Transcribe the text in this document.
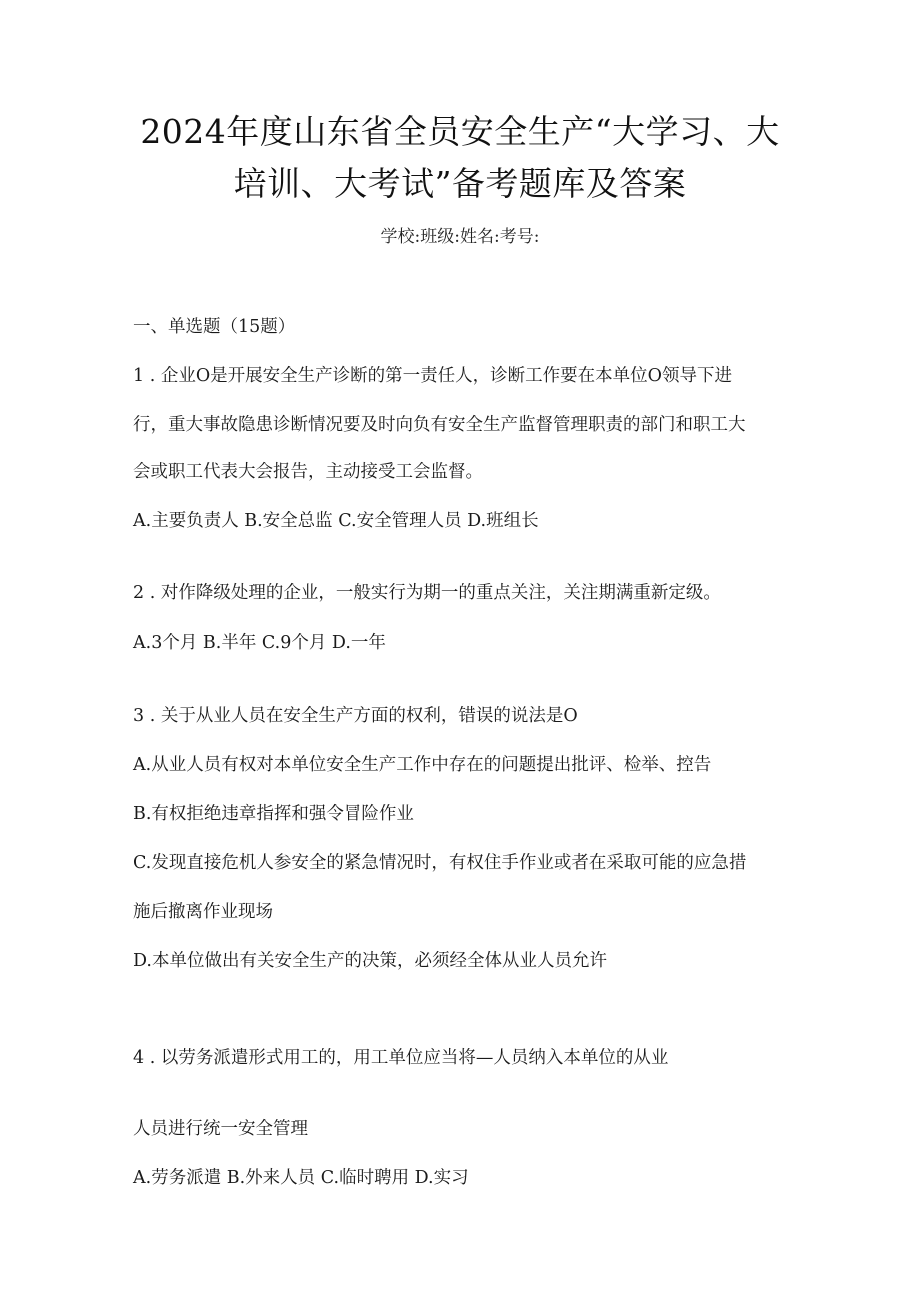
2024年度山东省全员安全生产“大学习、大
培训、大考试”备考题库及答案
学校:班级:姓名:考号:
一、单选题（15题）
1 . 企业O是开展安全生产诊断的第一责任人，诊断工作要在本单位O领导下进
行，重大事故隐患诊断情况要及时向负有安全生产监督管理职责的部门和职工大
会或职工代表大会报告，主动接受工会监督。
A.主要负责人 B.安全总监 C.安全管理人员 D.班组长
2 . 对作降级处理的企业，一般实行为期一的重点关注，关注期满重新定级。
A.3个月 B.半年 C.9个月 D.一年
3 . 关于从业人员在安全生产方面的权利，错误的说法是O
A.从业人员有权对本单位安全生产工作中存在的问题提出批评、检举、控告
B.有权拒绝违章指挥和强令冒险作业
C.发现直接危机人参安全的紧急情况时，有权住手作业或者在采取可能的应急措
施后撤离作业现场
D.本单位做出有关安全生产的决策，必须经全体从业人员允许
4 . 以劳务派遣形式用工的，用工单位应当将—人员纳入本单位的从业
人员进行统一安全管理
A.劳务派遣 B.外来人员 C.临时聘用 D.实习
